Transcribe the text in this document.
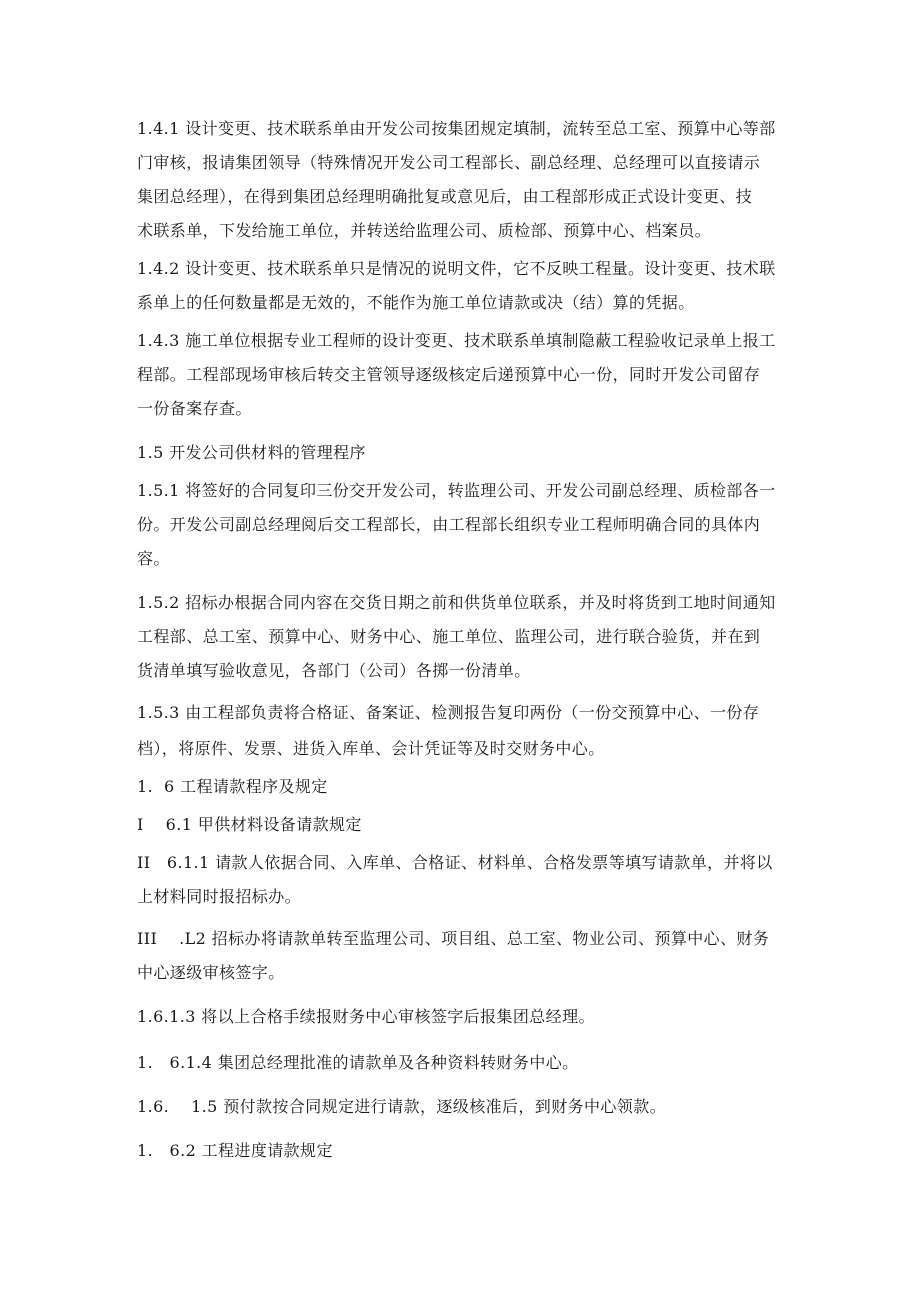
1.4.1 设计变更、技术联系单由开发公司按集团规定填制，流转至总工室、预算中心等部
门审核，报请集团领导（特殊情况开发公司工程部长、副总经理、总经理可以直接请示
集团总经理），在得到集团总经理明确批复或意见后，由工程部形成正式设计变更、技
术联系单，下发给施工单位，并转送给监理公司、质检部、预算中心、档案员。
1.4.2 设计变更、技术联系单只是情况的说明文件，它不反映工程量。设计变更、技术联
系单上的任何数量都是无效的，不能作为施工单位请款或决（结）算的凭据。
1.4.3 施工单位根据专业工程师的设计变更、技术联系单填制隐蔽工程验收记录单上报工
程部。工程部现场审核后转交主管领导逐级核定后递预算中心一份，同时开发公司留存
一份备案存查。
1.5 开发公司供材料的管理程序
1.5.1 将签好的合同复印三份交开发公司，转监理公司、开发公司副总经理、质检部各一
份。开发公司副总经理阅后交工程部长，由工程部长组织专业工程师明确合同的具体内
容。
1.5.2 招标办根据合同内容在交货日期之前和供货单位联系，并及时将货到工地时间通知
工程部、总工室、预算中心、财务中心、施工单位、监理公司，进行联合验货，并在到
货清单填写验收意见，各部门（公司）各掷一份清单。
1.5.3 由工程部负责将合格证、备案证、检测报告复印两份（一份交预算中心、一份存
档），将原件、发票、进货入库单、会计凭证等及时交财务中心。
1.  6 工程请款程序及规定
I    6.1 甲供材料设备请款规定
II   6.1.1 请款人依据合同、入库单、合格证、材料单、合格发票等填写请款单，并将以
上材料同时报招标办。
III    .L2 招标办将请款单转至监理公司、项目组、总工室、物业公司、预算中心、财务
中心逐级审核签字。
1.6.1.3 将以上合格手续报财务中心审核签字后报集团总经理。
1.   6.1.4 集团总经理批准的请款单及各种资料转财务中心。
1.6.    1.5 预付款按合同规定进行请款，逐级核准后，到财务中心领款。
1.   6.2 工程进度请款规定
